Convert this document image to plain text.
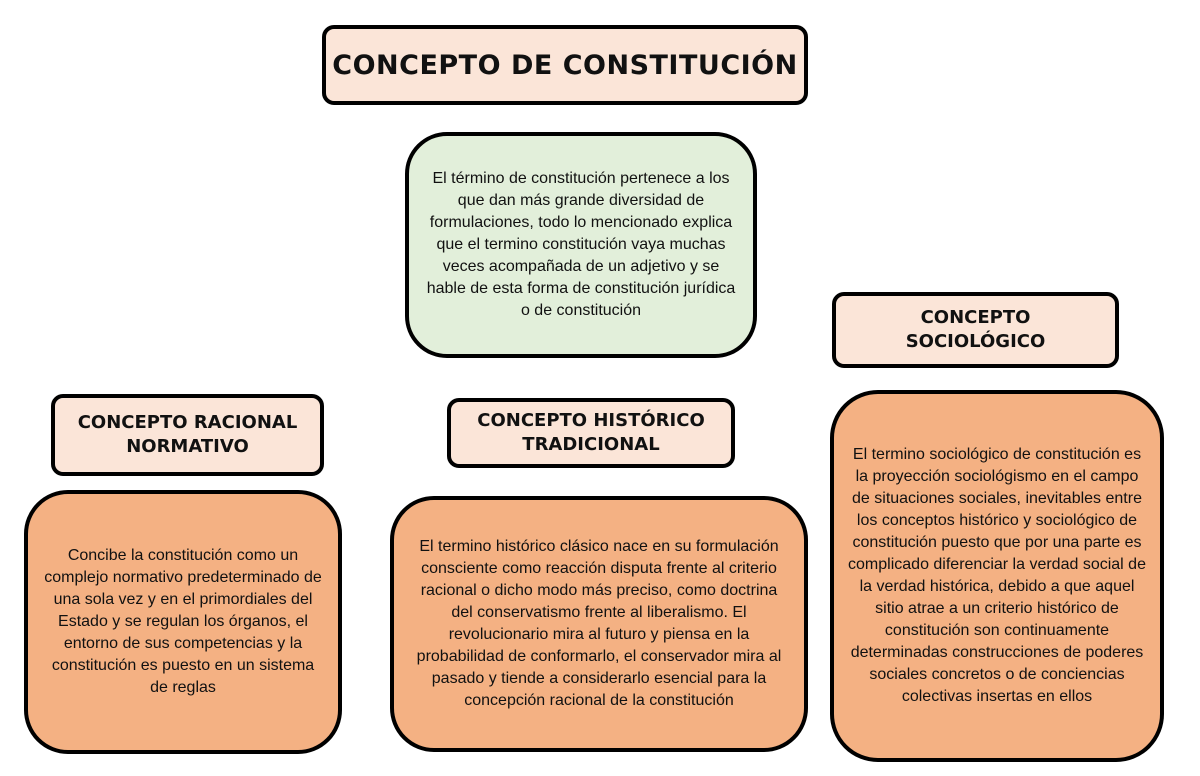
CONCEPTO DE CONSTITUCIÓN
El término de constitución pertenece a los que dan más grande diversidad de formulaciones, todo lo mencionado explica que el termino constitución vaya muchas veces acompañada de un adjetivo y se hable de esta forma de constitución jurídica o de constitución	CONCEPTO SOCIOLÓGICO
CONCEPTO RACIONAL NORMATIVO
CONCEPTO HISTÓRICO TRADICIONAL
Concibe la constitución como un complejo normativo predeterminado de una sola vez y en el primordiales del Estado y se regulan los órganos, el entorno de sus competencias y la constitución es puesto en un sistema de reglas
El termino histórico clásico nace en su formulación consciente como reacción disputa frente al criterio racional o dicho modo más preciso, como doctrina del conservatismo frente al liberalismo. El revolucionario mira al futuro y piensa en la probabilidad de conformarlo, el conservador mira al pasado y tiende a considerarlo esencial para la concepción racional de la constitución
El termino sociológico de constitución es la proyección sociológismo en el campo de situaciones sociales, inevitables entre los conceptos histórico y sociológico de constitución puesto que por una parte es complicado diferenciar la verdad social de la verdad histórica, debido a que aquel sitio atrae a un criterio histórico de constitución son continuamente determinadas construcciones de poderes sociales concretos o de conciencias colectivas insertas en ellos
